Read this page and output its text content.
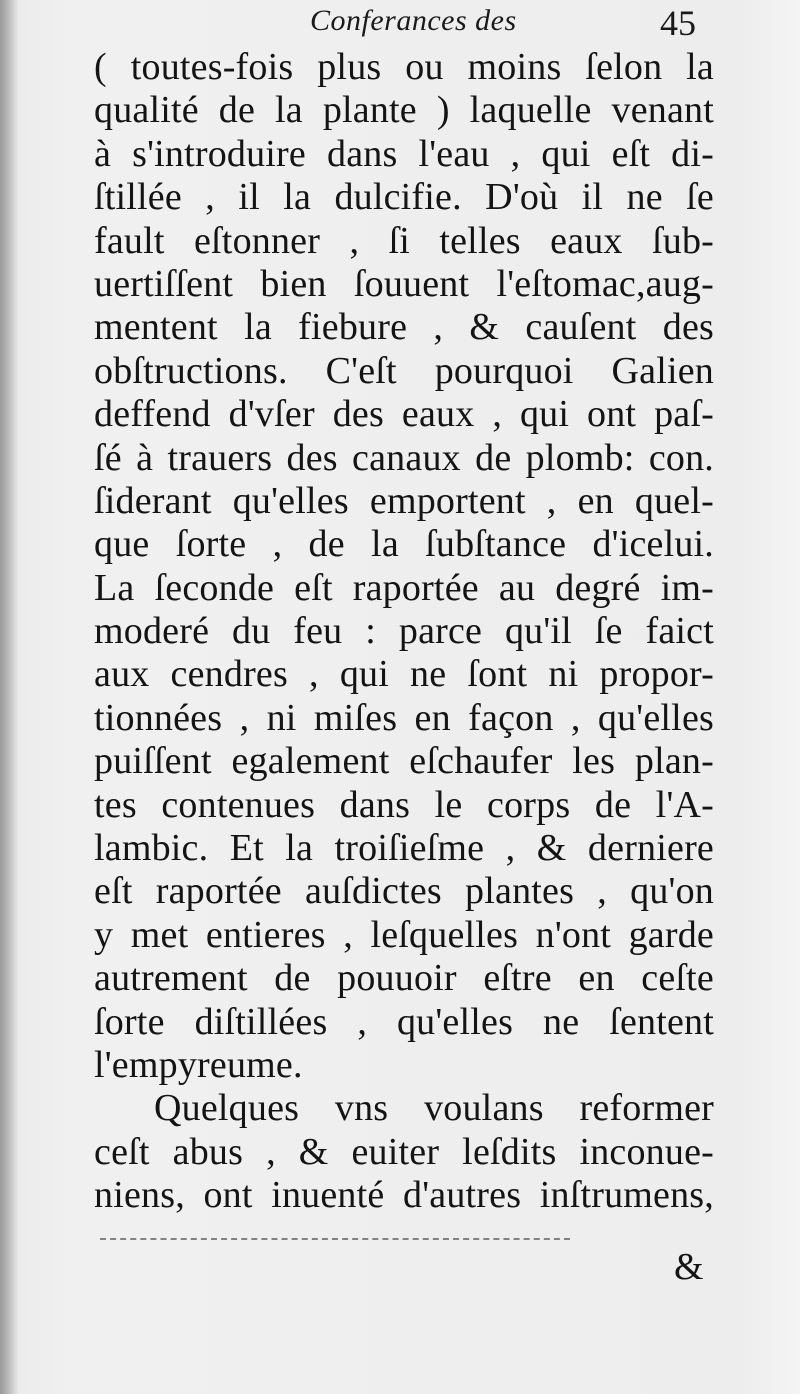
Conferances des	45
( toutes-fois plus ou moins ſelon la
qualité de la plante ) laquelle venant
à s'introduire dans l'eau , qui eſt di-
ſtillée , il la dulcifie. D'où il ne ſe
fault eſtonner , ſi telles eaux ſub-
uertiſſent bien ſouuent l'eſtomac,aug-
mentent la fiebure , & cauſent des
obſtructions. C'eſt pourquoi Galien
deffend d'vſer des eaux , qui ont paſ-
ſé à trauers des canaux de plomb: con.
ſiderant qu'elles emportent , en quel-
que ſorte , de la ſubſtance d'icelui.
La ſeconde eſt raportée au degré im-
moderé du feu : parce qu'il ſe faict
aux cendres , qui ne ſont ni propor-
tionnées , ni miſes en façon , qu'elles
puiſſent egalement eſchaufer les plan-
tes contenues dans le corps de l'A-
lambic. Et la troiſieſme , & derniere
eſt raportée auſdictes plantes , qu'on
y met entieres , leſquelles n'ont garde
autrement de pouuoir eſtre en ceſte
ſorte diſtillées , qu'elles ne ſentent
l'empyreume.
Quelques vns voulans reformer
ceſt abus , & euiter leſdits inconue-
niens, ont inuenté d'autres inſtrumens,
&
